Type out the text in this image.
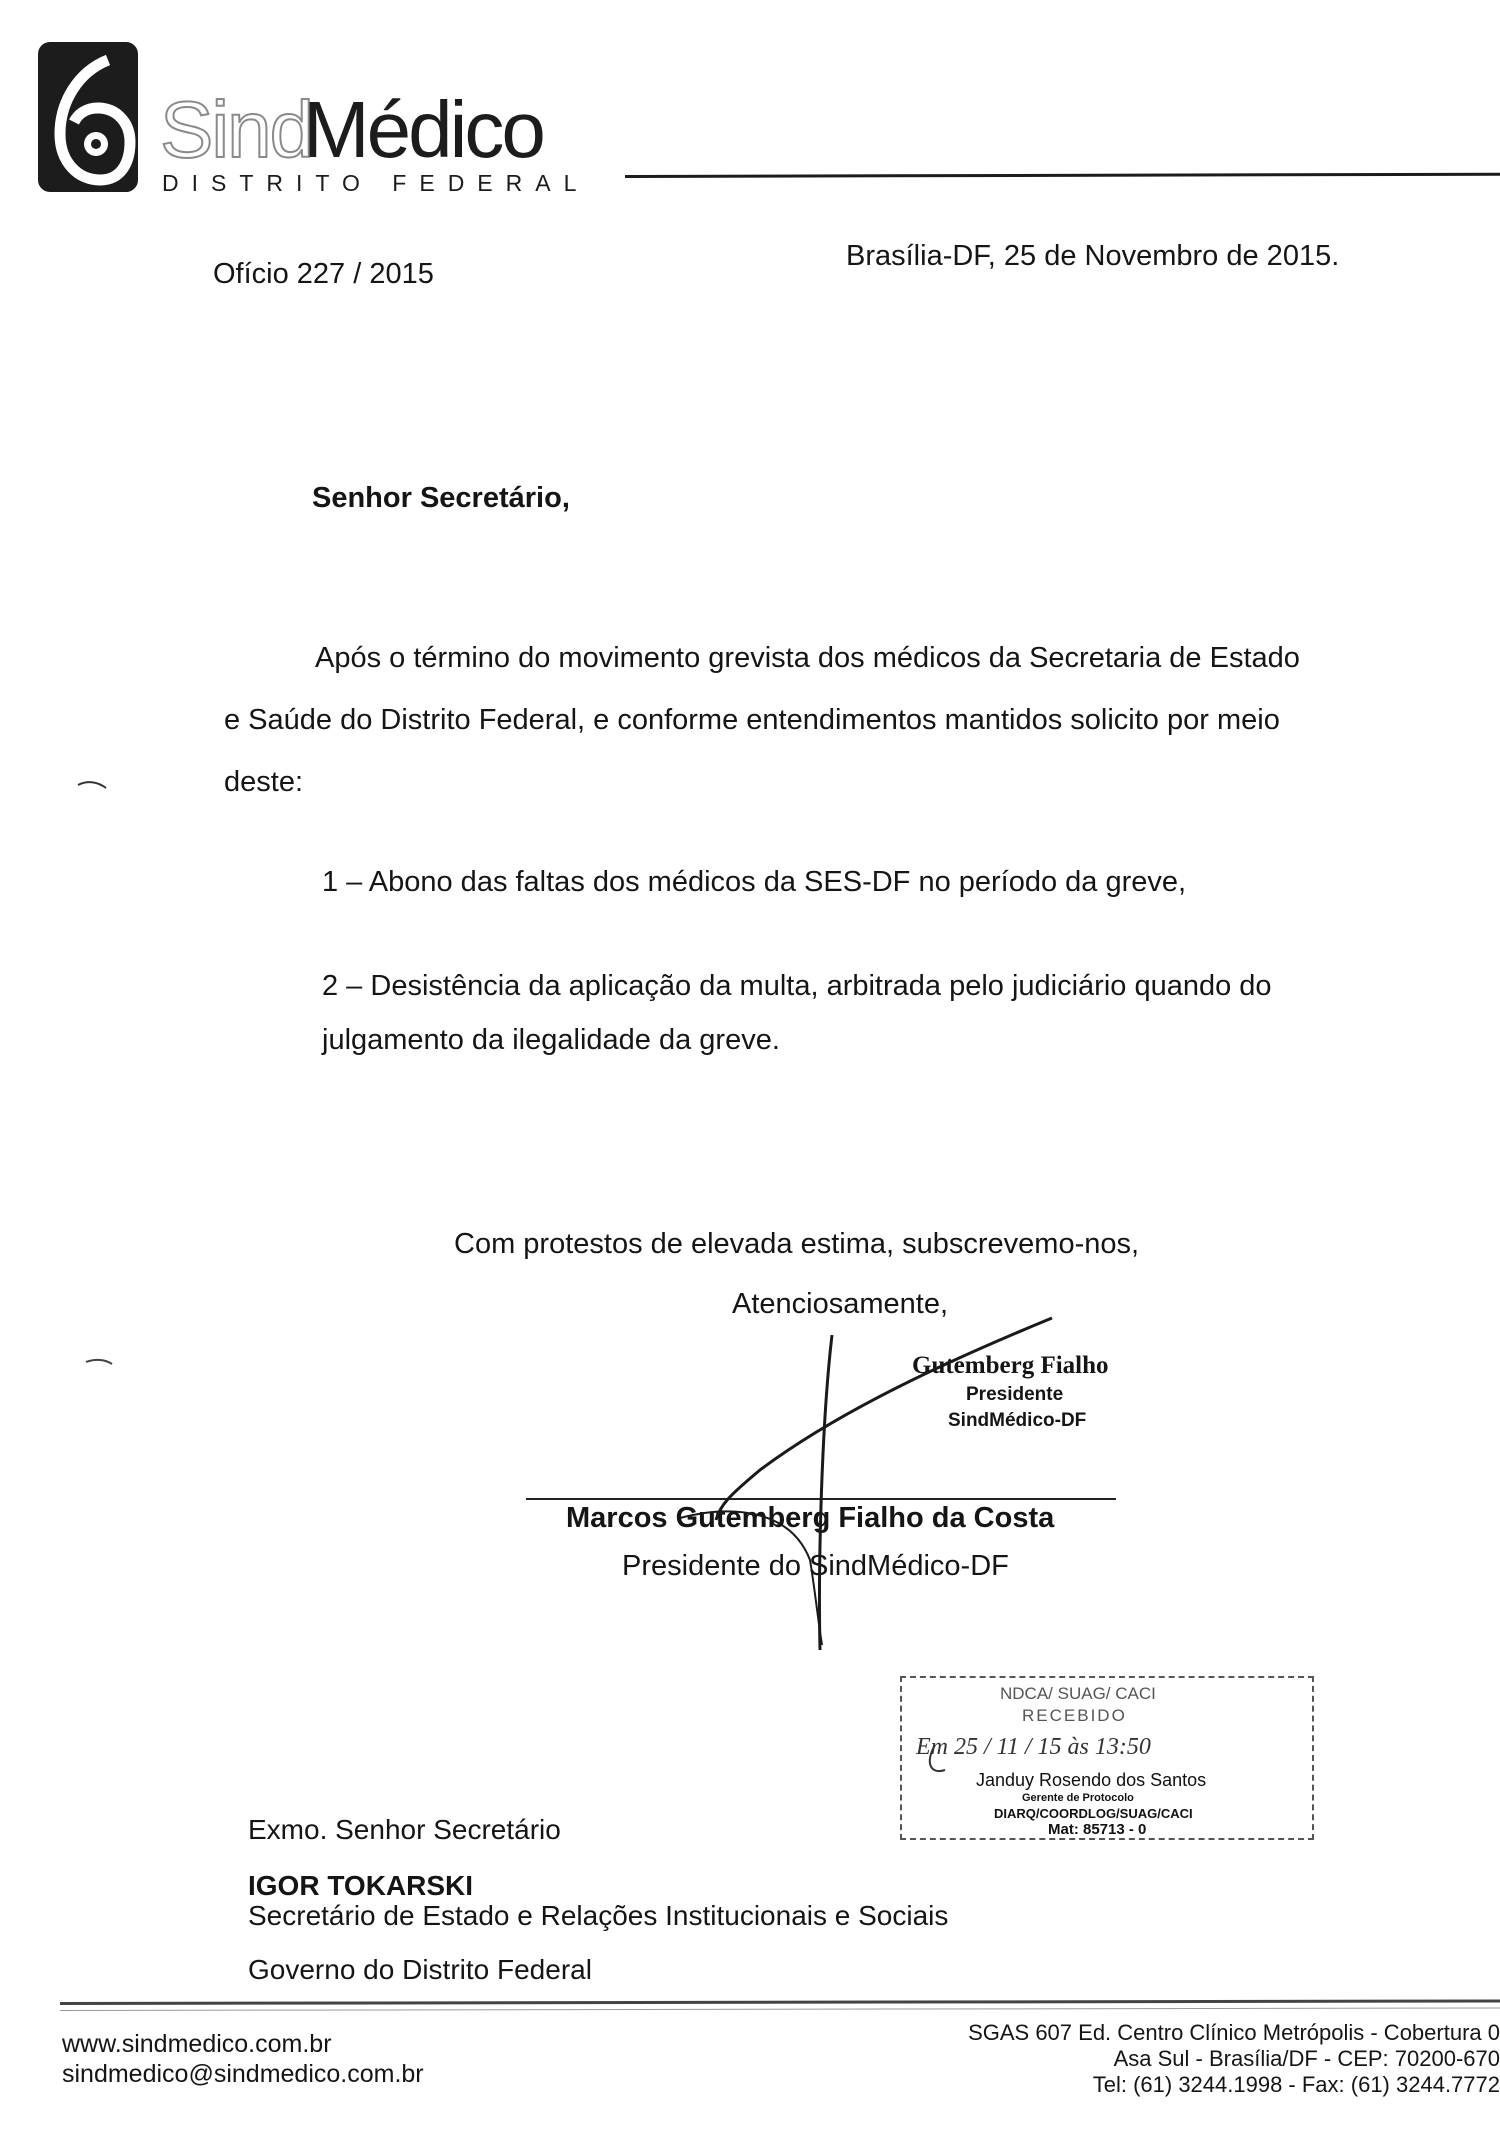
Sind
Médico
DISTRITO FEDERAL
Ofício 227 / 2015
Brasília-DF, 25 de Novembro de 2015.
Senhor Secretário,
Após o término do movimento grevista dos médicos da Secretaria de Estado
e Saúde do Distrito Federal, e conforme entendimentos mantidos solicito por meio
deste:
1 – Abono das faltas dos médicos da SES-DF no período da greve,
2 – Desistência da aplicação da multa, arbitrada pelo judiciário quando do
julgamento da ilegalidade da greve.
Com protestos de elevada estima, subscrevemo-nos,
Atenciosamente,
Gutemberg Fialho
Presidente
SindMédico-DF
Marcos Gutemberg Fialho da Costa
Presidente do SindMédico-DF
NDCA/ SUAG/ CACI
RECEBIDO
Em 25 / 11 / 15 às 13:50
Janduy Rosendo dos Santos
Gerente de Protocolo
DIARQ/COORDLOG/SUAG/CACI
Mat: 85713 - 0
Exmo. Senhor Secretário
IGOR TOKARSKI
Secretário de Estado e Relações Institucionais e Sociais
Governo do Distrito Federal
www.sindmedico.com.br
sindmedico@sindmedico.com.br
SGAS 607 Ed. Centro Clínico Metrópolis - Cobertura 0
Asa Sul - Brasília/DF - CEP: 70200-670
Tel: (61) 3244.1998 - Fax: (61) 3244.7772
